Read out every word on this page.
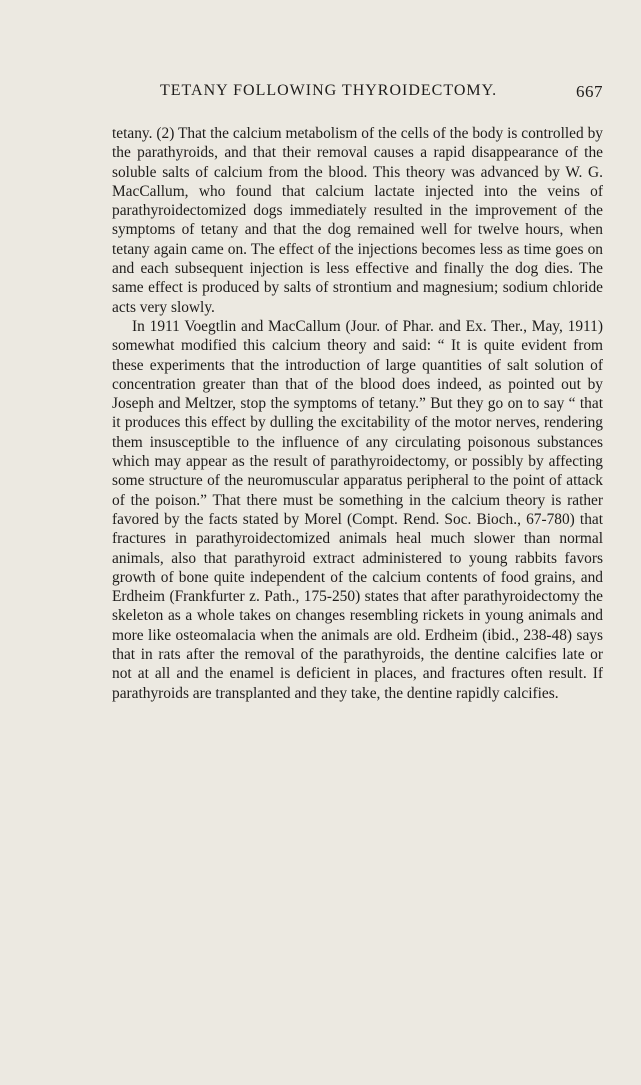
TETANY FOLLOWING THYROIDECTOMY.	667

tetany. (2) That the calcium metabolism of the cells of the body is controlled by the parathyroids, and that their removal causes a rapid disappearance of the soluble salts of calcium from the blood. This theory was advanced by W. G. MacCallum, who found that calcium lactate injected into the veins of parathyroidectomized dogs immediately resulted in the improvement of the symptoms of tetany and that the dog remained well for twelve hours, when tetany again came on. The effect of the injections becomes less as time goes on and each subsequent injection is less effective and finally the dog dies. The same effect is produced by salts of strontium and magnesium; sodium chloride acts very slowly.

In 1911 Voegtlin and MacCallum (Jour. of Phar. and Ex. Ther., May, 1911) somewhat modified this calcium theory and said: “ It is quite evident from these experiments that the introduction of large quantities of salt solution of concentration greater than that of the blood does indeed, as pointed out by Joseph and Meltzer, stop the symptoms of tetany.” But they go on to say “ that it produces this effect by dulling the excitability of the motor nerves, rendering them insusceptible to the influence of any circulating poisonous substances which may appear as the result of parathyroidectomy, or possibly by affecting some structure of the neuromuscular apparatus peripheral to the point of attack of the poison.” That there must be something in the calcium theory is rather favored by the facts stated by Morel (Compt. Rend. Soc. Bioch., 67-780) that fractures in parathyroidectomized animals heal much slower than normal animals, also that parathyroid extract administered to young rabbits favors growth of bone quite independent of the calcium contents of food grains, and Erdheim (Frankfurter z. Path., 175-250) states that after parathyroidectomy the skeleton as a whole takes on changes resembling rickets in young animals and more like osteomalacia when the animals are old. Erdheim (ibid., 238-48) says that in rats after the removal of the parathyroids, the dentine calcifies late or not at all and the enamel is deficient in places, and fractures often result. If parathyroids are transplanted and they take, the dentine rapidly calcifies.
